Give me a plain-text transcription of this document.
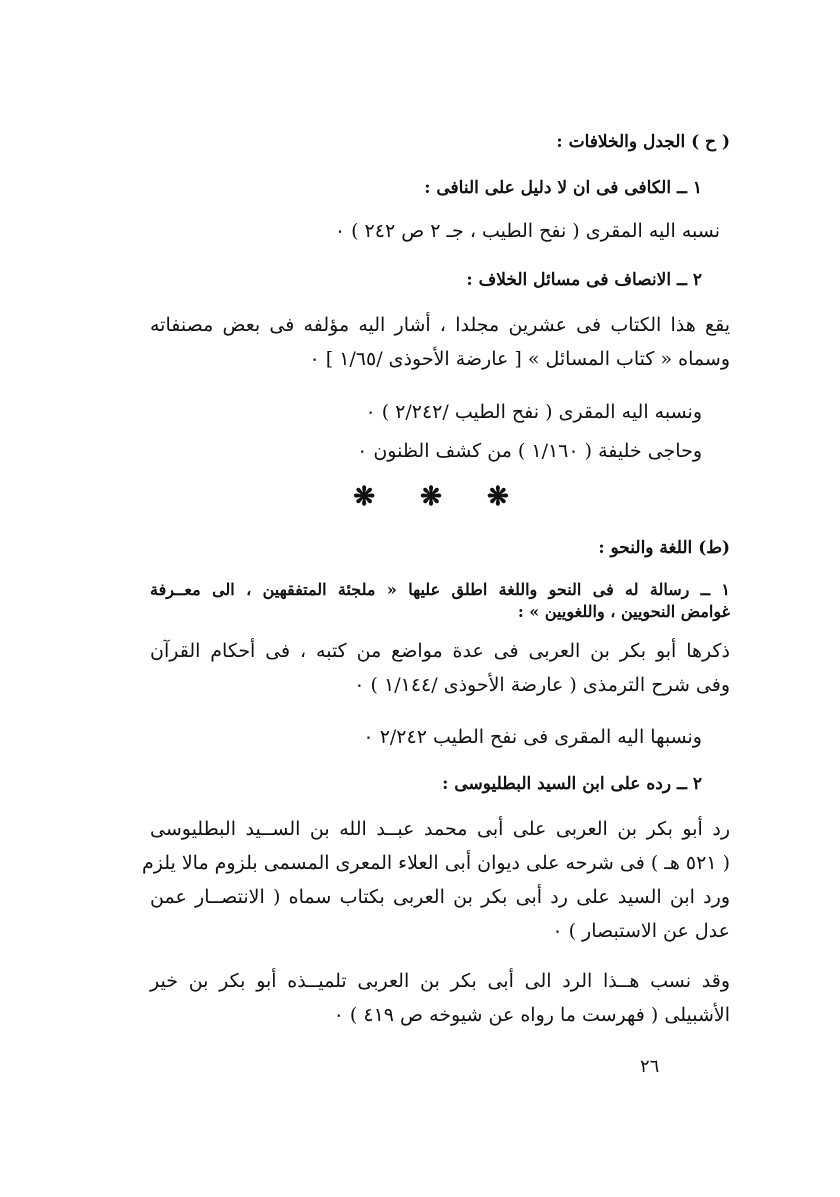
( ح ) الجدل والخلافات :
١ ــ الكافى فى ان لا دليل على النافى :
نسبه اليه المقرى ( نفح الطيب ، جـ ٢ ص ٢٤٢ ) ٠
٢ ــ الانصاف فى مسائل الخلاف :
يقع هذا الكتاب فى عشرين مجلدا ، أشار اليه مؤلفه فى بعض مصنفاته
وسماه « كتاب المسائل » [ عارضة الأحوذى /١/٦٥ ] ٠
ونسبه اليه المقرى ( نفح الطيب /٢/٢٤٢ ) ٠
وحاجى خليفة ( ١/١٦٠ ) من كشف الظنون ٠
❋ ❋ ❋
(ط) اللغة والنحو :
١ ــ رسالة له فى النحو واللغة اطلق عليها « ملجئة المتفقهين ، الى معــرفة
غوامض النحويين ، واللغويين » :
ذكرها أبو بكر بن العربى فى عدة مواضع من كتبه ، فى أحكام القرآن
وفى شرح الترمذى ( عارضة الأحوذى /١/١٤٤ ) ٠
ونسبها اليه المقرى فى نفح الطيب ٢/٢٤٢ ٠
٢ ــ رده على ابن السيد البطليوسى :
رد أبو بكر بن العربى على أبى محمد عبــد الله بن الســيد البطليوسى
( ٥٢١ هـ ) فى شرحه على ديوان أبى العلاء المعرى المسمى بلزوم مالا يلزم
ورد ابن السيد على رد أبى بكر بن العربى بكتاب سماه ( الانتصــار عمن
عدل عن الاستبصار ) ٠
وقد نسب هــذا الرد الى أبى بكر بن العربى تلميــذه أبو بكر بن خير
الأشبيلى ( فهرست ما رواه عن شيوخه ص ٤١٩ ) ٠
٢٦
